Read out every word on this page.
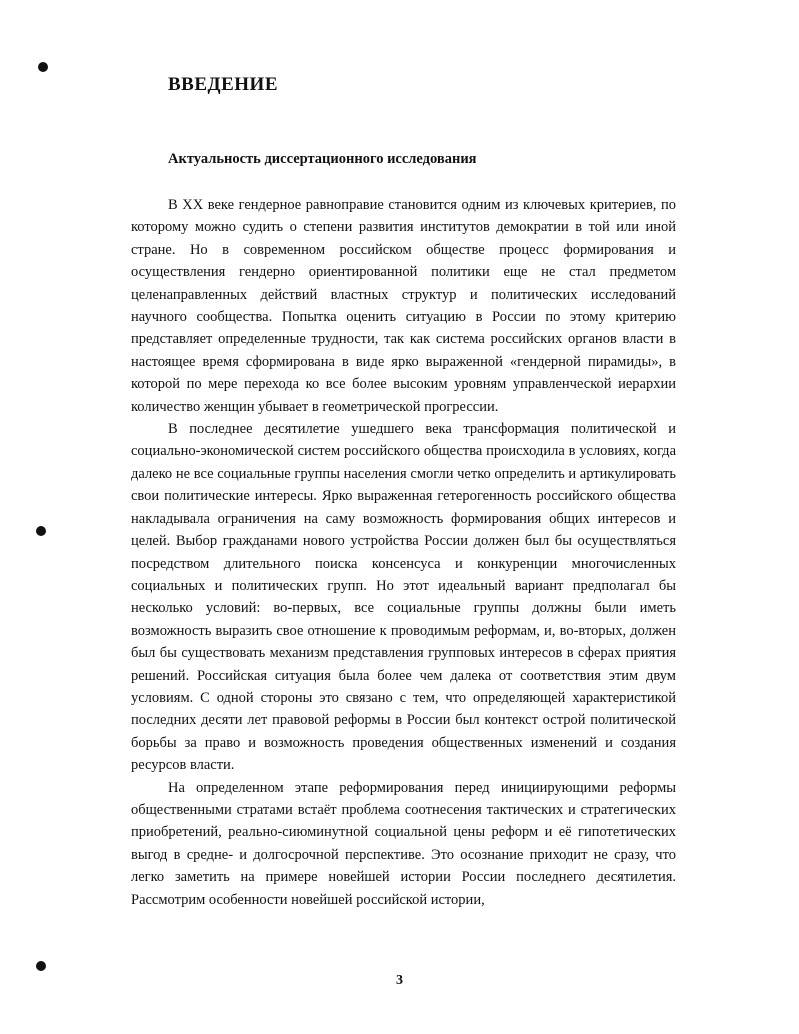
ВВЕДЕНИЕ
Актуальность диссертационного исследования

В XX веке гендерное равноправие становится одним из ключевых критериев, по которому можно судить о степени развития институтов демократии в той или иной стране. Но в современном российском обществе процесс формирования и осуществления гендерно ориентированной политики еще не стал предметом целенаправленных действий властных структур и политических исследований научного сообщества. Попытка оценить ситуацию в России по этому критерию представляет определенные трудности, так как система российских органов власти в настоящее время сформирована в виде ярко выраженной «гендерной пирамиды», в которой по мере перехода ко все более высоким уровням управленческой иерархии количество женщин убывает в геометрической прогрессии.

В последнее десятилетие ушедшего века трансформация политической и социально-экономической систем российского общества происходила в условиях, когда далеко не все социальные группы населения смогли четко определить и артикулировать свои политические интересы. Ярко выраженная гетерогенность российского общества накладывала ограничения на саму возможность формирования общих интересов и целей. Выбор гражданами нового устройства России должен был бы осуществляться посредством длительного поиска консенсуса и конкуренции многочисленных социальных и политических групп. Но этот идеальный вариант предполагал бы несколько условий: во-первых, все социальные группы должны были иметь возможность выразить свое отношение к проводимым реформам, и, во-вторых, должен был бы существовать механизм представления групповых интересов в сферах приятия решений. Российская ситуация была более чем далека от соответствия этим двум условиям. С одной стороны это связано с тем, что определяющей характеристикой последних десяти лет правовой реформы в России был контекст острой политической борьбы за право и возможность проведения общественных изменений и создания ресурсов власти.

На определенном этапе реформирования перед инициирующими реформы общественными стратами встаёт проблема соотнесения тактических и стратегических приобретений, реально-сиюминутной социальной цены реформ и её гипотетических выгод в средне- и долгосрочной перспективе. Это осознание приходит не сразу, что легко заметить на примере новейшей истории России последнего десятилетия. Рассмотрим особенности новейшей российской истории,

3
